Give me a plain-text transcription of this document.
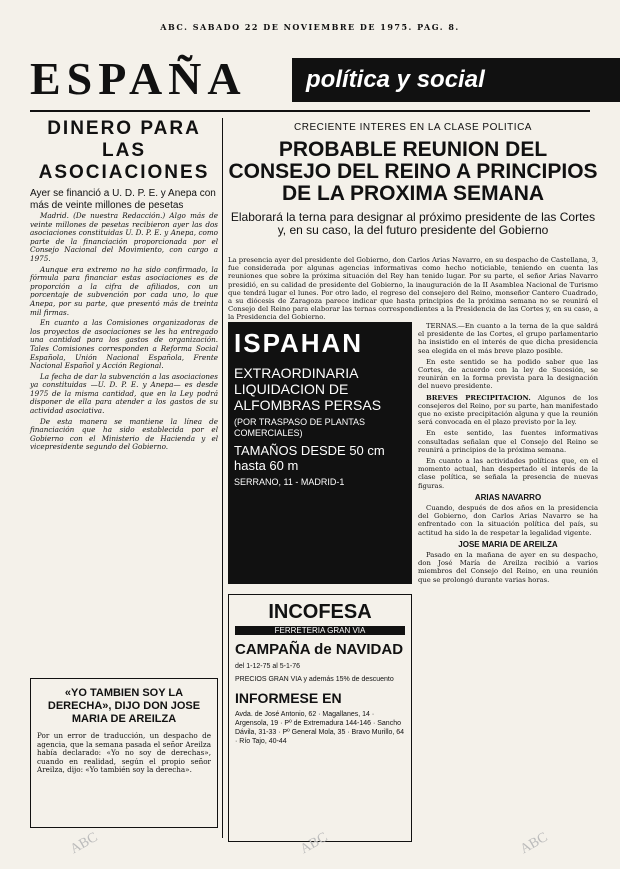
ABC. SABADO 22 DE NOVIEMBRE DE 1975. PAG. 8.
ESPAÑA	política y social
DINERO PARA LAS ASOCIACIONES
Ayer se financió a U. D. P. E. y Anepa con más de veinte millones de pesetas

Madrid. (De nuestra Redacción.) Algo más de veinte millones de pesetas recibieron ayer las dos asociaciones constituidas U. D. P. E. y Anepa, como parte de la financiación proporcionada por el Consejo Nacional del Movimiento, con cargo a 1975.

Aunque era extremo no ha sido confirmado, la fórmula para financiar estas asociaciones es de proporción a la cifra de afiliados, con un porcentaje de subvención por cada uno, lo que Anepa, por su parte, que presentó más de treinta mil firmas.

En cuanto a las Comisiones organizadoras de los proyectos de asociaciones se les ha entregado una cantidad para los gastos de organización. Tales Comisiones corresponden a Reforma Social Española, Unión Nacional Española, Frente Nacional Español y Acción Regional.

La fecha de dar la subvención a las asociaciones ya constituidas —U. D. P. E. y Anepa— es desde 1975 de la misma cantidad, que en la Ley podrá disponer de ella para atender a los gastos de su actividad asociativa.

De esta manera se mantiene la línea de financiación que ha sido establecida por el Gobierno con el Ministerio de Hacienda y el vicepresidente segundo del Gobierno.

«YO TAMBIEN SOY LA DERECHA», DIJO DON JOSE MARIA DE AREILZA
Por un error de traducción, un despacho de agencia, que la semana pasada el señor Areilza había declarado: «Yo no soy de derechas», cuando en realidad, según el propio señor Areilza, dijo: «Yo también soy la derecha».
CRECIENTE INTERES EN LA CLASE POLITICA
PROBABLE REUNION DEL CONSEJO DEL REINO A PRINCIPIOS DE LA PROXIMA SEMANA
Elaborará la terna para designar al próximo presidente de las Cortes y, en su caso, la del futuro presidente del Gobierno
La presencia ayer del presidente del Gobierno, don Carlos Arias Navarro, en su despacho de Castellana, 3, fue considerada por algunas agencias informativas como hecho noticiable, teniendo en cuenta las reuniones que sobre la próxima situación del Rey han tenido lugar. Por su parte, el señor Arias Navarro presidió, en su calidad de presidente del Gobierno, la inauguración de la II Asamblea Nacional de Turismo que tendrá lugar el lunes. Por otro lado, el regreso del consejero del Reino, monseñor Cantero Cuadrado, a su diócesis de Zaragoza parece indicar que hasta principios de la próxima semana no se reunirá el Consejo del Reino para elaborar las ternas correspondientes a la Presidencia de las Cortes y, en su caso, a la Presidencia del Gobierno.
ISPAHAN
EXTRAORDINARIA LIQUIDACION DE ALFOMBRAS PERSAS
(POR TRASPASO DE PLANTAS COMERCIALES)
TAMAÑOS DESDE 50 cm hasta 60 m
SERRANO, 11 - MADRID-1
INCOFESA
FERRETERIA GRAN VIA
CAMPAÑA de NAVIDAD
del 1-12-75 al 5-1-76
PRECIOS GRAN VIA y además 15% de descuento
INFORMESE EN
Avda. de José Antonio, 62 · Magallanes, 14 · Argensola, 19 · Pº de Extremadura 144-146 · Sancho Dávila, 31-33 · Pº General Mola, 35 · Bravo Murillo, 64 · Río Tajo, 40-44

TERNAS.—En cuanto a la terna de la que saldrá el presidente de las Cortes, el grupo parlamentario ha insistido en el interés de que dicha presidencia sea elegida en el más breve plazo posible.

En este sentido se ha podido saber que las Cortes, de acuerdo con la ley de Sucesión, se reunirán en la forma prevista para la designación del nuevo presidente.

BREVES PRECIPITACION. Algunos de los consejeros del Reino, por su parte, han manifestado que no existe precipitación alguna y que la reunión será convocada en el plazo previsto por la ley.

En este sentido, las fuentes informativas consultadas señalan que el Consejo del Reino se reunirá a principios de la próxima semana.

En cuanto a las actividades políticas que, en el momento actual, han despertado el interés de la clase política, se señala la presencia de nuevas figuras.

ARIAS NAVARRO

Cuando, después de dos años en la presidencia del Gobierno, don Carlos Arias Navarro se ha enfrentado con la situación política del país, su actitud ha sido la de respetar la legalidad vigente.

JOSE MARIA DE AREILZA

Pasado en la mañana de ayer en su despacho, don José María de Areilza recibió a varios miembros del Consejo del Reino, en una reunión que se prolongó durante varias horas.

ABC	ABC	ABC
